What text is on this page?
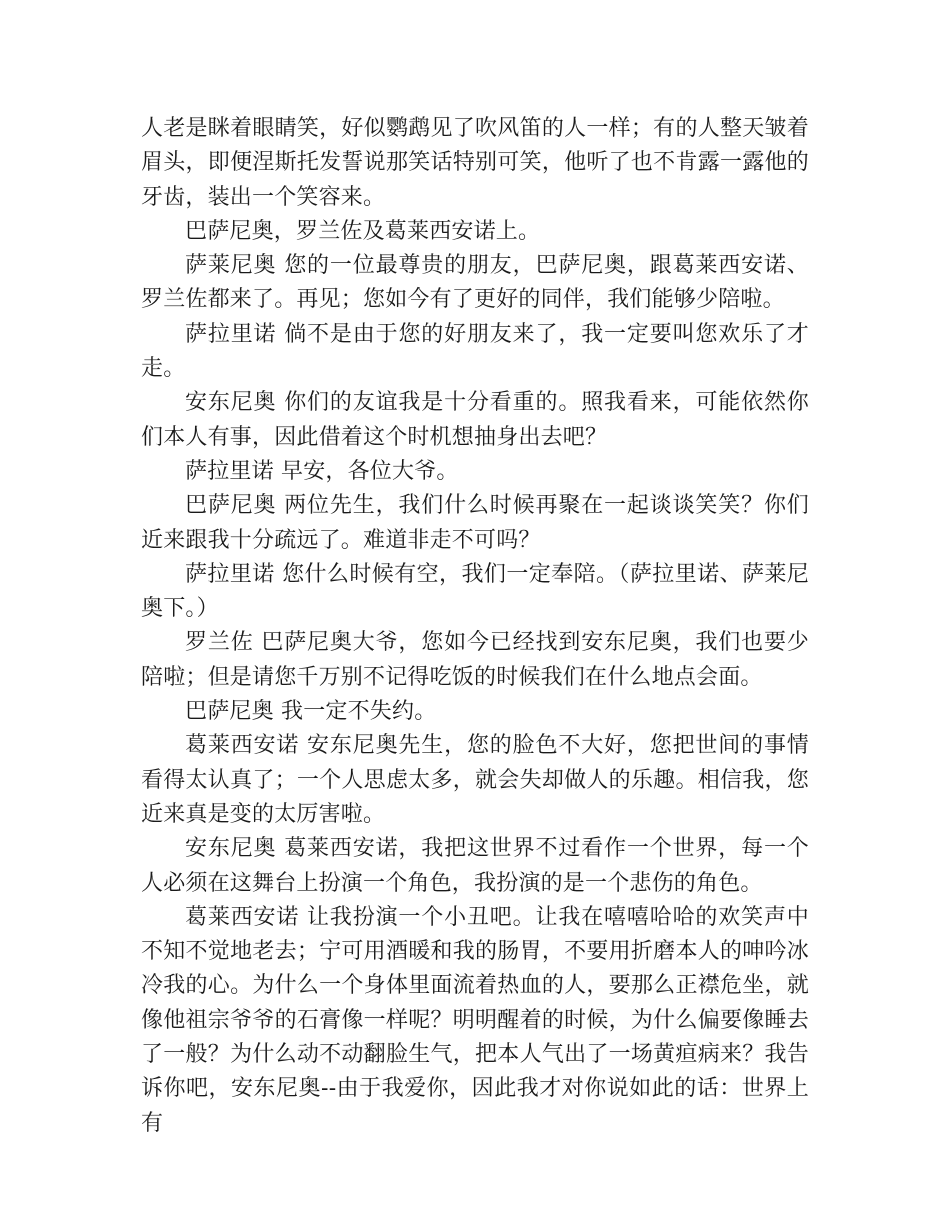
人老是眯着眼睛笑，好似鹦鹉见了吹风笛的人一样；有的人整天皱着眉头，即便涅斯托发誓说那笑话特别可笑，他听了也不肯露一露他的牙齿，装出一个笑容来。

巴萨尼奥，罗兰佐及葛莱西安诺上。

萨莱尼奥 您的一位最尊贵的朋友，巴萨尼奥，跟葛莱西安诺、罗兰佐都来了。再见；您如今有了更好的同伴，我们能够少陪啦。

萨拉里诺 倘不是由于您的好朋友来了，我一定要叫您欢乐了才走。

安东尼奥 你们的友谊我是十分看重的。照我看来，可能依然你们本人有事，因此借着这个时机想抽身出去吧？

萨拉里诺 早安，各位大爷。

巴萨尼奥 两位先生，我们什么时候再聚在一起谈谈笑笑？你们近来跟我十分疏远了。难道非走不可吗？

萨拉里诺 您什么时候有空，我们一定奉陪。（萨拉里诺、萨莱尼奥下。）

罗兰佐 巴萨尼奥大爷，您如今已经找到安东尼奥，我们也要少陪啦；但是请您千万别不记得吃饭的时候我们在什么地点会面。

巴萨尼奥 我一定不失约。

葛莱西安诺 安东尼奥先生，您的脸色不大好，您把世间的事情看得太认真了；一个人思虑太多，就会失却做人的乐趣。相信我，您近来真是变的太厉害啦。

安东尼奥 葛莱西安诺，我把这世界不过看作一个世界，每一个人必须在这舞台上扮演一个角色，我扮演的是一个悲伤的角色。

葛莱西安诺 让我扮演一个小丑吧。让我在嘻嘻哈哈的欢笑声中不知不觉地老去；宁可用酒暖和我的肠胃，不要用折磨本人的呻吟冰冷我的心。为什么一个身体里面流着热血的人，要那么正襟危坐，就像他祖宗爷爷的石膏像一样呢？明明醒着的时候，为什么偏要像睡去了一般？为什么动不动翻脸生气，把本人气出了一场黄疸病来？我告诉你吧，安东尼奥--由于我爱你，因此我才对你说如此的话：世界上有
